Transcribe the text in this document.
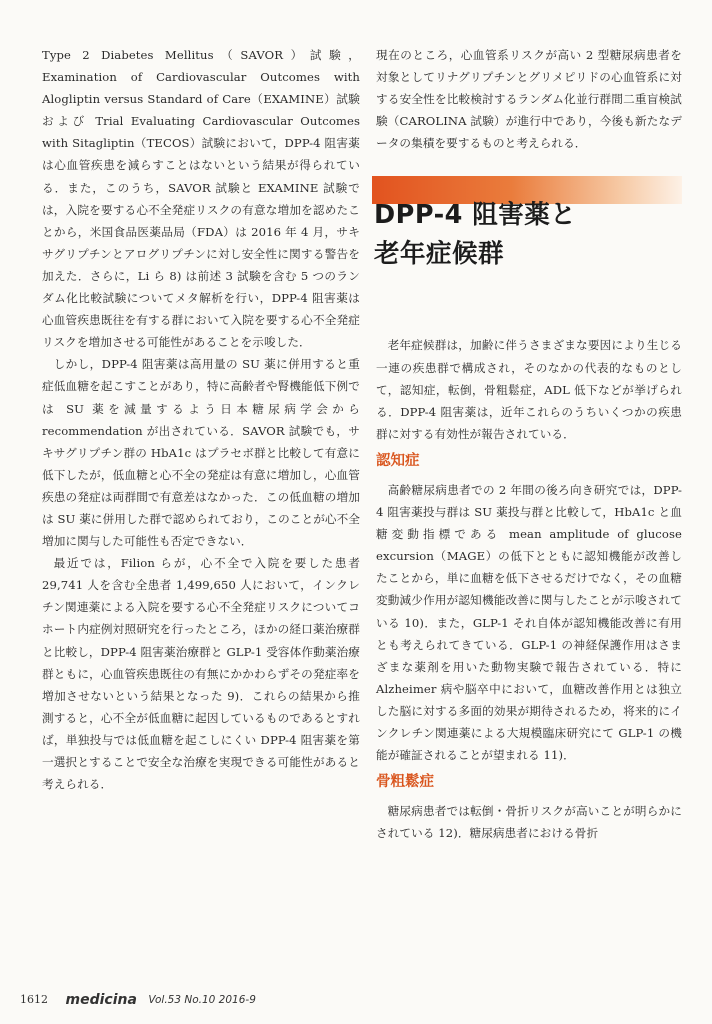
Type 2 Diabetes Mellitus（SAVOR）試験，Examination of Cardiovascular Outcomes with Alogliptin versus Standard of Care（EXAMINE）試験および Trial Evaluating Cardiovascular Outcomes with Sitagliptin（TECOS）試験において，DPP-4 阻害薬は心血管疾患を減らすことはないという結果が得られている．また，このうち，SAVOR 試験と EXAMINE 試験では，入院を要する心不全発症リスクの有意な増加を認めたことから，米国食品医薬品局（FDA）は 2016 年 4 月，サキサグリプチンとアログリプチンに対し安全性に関する警告を加えた．さらに，Li ら 8) は前述 3 試験を含む 5 つのランダム化比較試験についてメタ解析を行い，DPP-4 阻害薬は心血管疾患既往を有する群において入院を要する心不全発症リスクを増加させる可能性があることを示唆した．

しかし，DPP-4 阻害薬は高用量の SU 薬に併用すると重症低血糖を起こすことがあり，特に高齢者や腎機能低下例では SU 薬を減量するよう日本糖尿病学会から recommendation が出されている．SAVOR 試験でも，サキサグリプチン群の HbA1c はプラセボ群と比較して有意に低下したが，低血糖と心不全の発症は有意に増加し，心血管疾患の発症は両群間で有意差はなかった．この低血糖の増加は SU 薬に併用した群で認められており，このことが心不全増加に関与した可能性も否定できない．

最近では，Filion らが，心不全で入院を要した患者 29,741 人を含む全患者 1,499,650 人において，インクレチン関連薬による入院を要する心不全発症リスクについてコホート内症例対照研究を行ったところ，ほかの経口薬治療群と比較し，DPP-4 阻害薬治療群と GLP-1 受容体作動薬治療群ともに，心血管疾患既往の有無にかかわらずその発症率を増加させないという結果となった 9)．これらの結果から推測すると，心不全が低血糖に起因しているものであるとすれば，単独投与では低血糖を起こしにくい DPP-4 阻害薬を第一選択とすることで安全な治療を実現できる可能性があると考えられる．

現在のところ，心血管系リスクが高い 2 型糖尿病患者を対象としてリナグリプチンとグリメピリドの心血管系に対する安全性を比較検討するランダム化並行群間二重盲検試験（CAROLINA 試験）が進行中であり，今後も新たなデータの集積を要するものと考えられる．

DPP-4 阻害薬と
老年症候群

老年症候群は，加齢に伴うさまざまな要因により生じる一連の疾患群で構成され，そのなかの代表的なものとして，認知症，転倒，骨粗鬆症，ADL 低下などが挙げられる．DPP-4 阻害薬は，近年これらのうちいくつかの疾患群に対する有効性が報告されている．

認知症

高齢糖尿病患者での 2 年間の後ろ向き研究では，DPP-4 阻害薬投与群は SU 薬投与群と比較して，HbA1c と血糖変動指標である mean amplitude of glucose excursion（MAGE）の低下とともに認知機能が改善したことから，単に血糖を低下させるだけでなく，その血糖変動減少作用が認知機能改善に関与したことが示唆されている 10)．また，GLP-1 それ自体が認知機能改善に有用とも考えられてきている．GLP-1 の神経保護作用はさまざまな薬剤を用いた動物実験で報告されている．特に Alzheimer 病や脳卒中において，血糖改善作用とは独立した脳に対する多面的効果が期待されるため，将来的にインクレチン関連薬による大規模臨床研究にて GLP-1 の機能が確証されることが望まれる 11)．

骨粗鬆症

糖尿病患者では転倒・骨折リスクが高いことが明らかにされている 12)．糖尿病患者における骨折

1612 medicina Vol.53 No.10 2016-9
